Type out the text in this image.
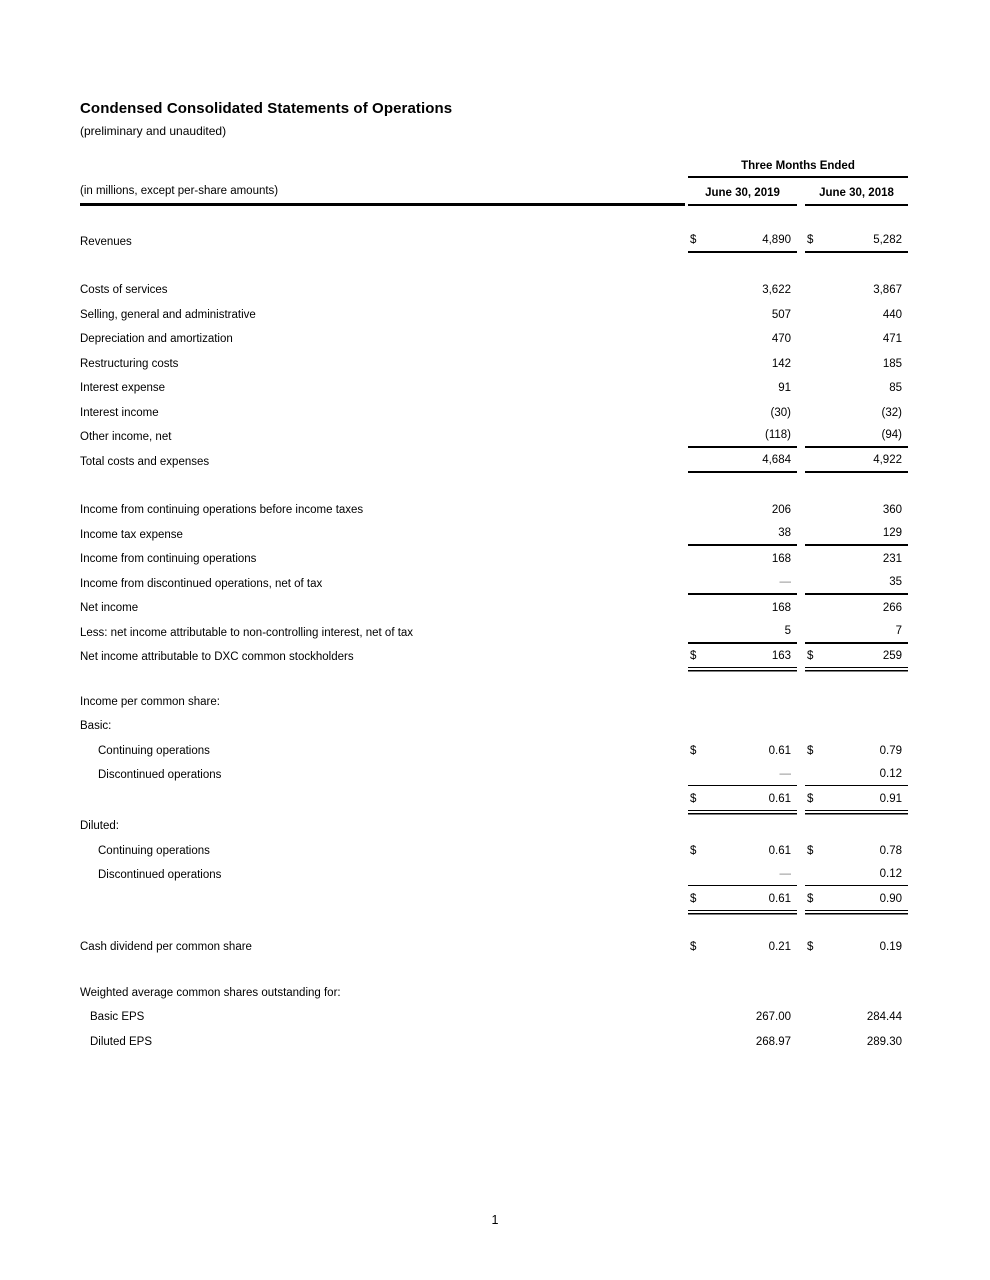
Condensed Consolidated Statements of Operations
(preliminary and unaudited)
Three Months Ended
(in millions, except per-share amounts)	June 30, 2019	June 30, 2018
Revenues	$	4,890	$	5,282
Costs of services	3,622	3,867
Selling, general and administrative	507	440
Depreciation and amortization	470	471
Restructuring costs	142	185
Interest expense	91	85
Interest income	(30)	(32)
Other income, net	(118)	(94)
Total costs and expenses	4,684	4,922
Income from continuing operations before income taxes	206	360
Income tax expense	38	129
Income from continuing operations	168	231
Income from discontinued operations, net of tax	—	35
Net income	168	266
Less: net income attributable to non-controlling interest, net of tax	5	7
Net income attributable to DXC common stockholders	$	163	$	259
Income per common share:
Basic:
Continuing operations	$	0.61	$	0.79
Discontinued operations	—	0.12
$	0.61	$	0.91
Diluted:
Continuing operations	$	0.61	$	0.78
Discontinued operations	—	0.12
$	0.61	$	0.90
Cash dividend per common share	$	0.21	$	0.19
Weighted average common shares outstanding for:
Basic EPS	267.00	284.44
Diluted EPS	268.97	289.30
1
